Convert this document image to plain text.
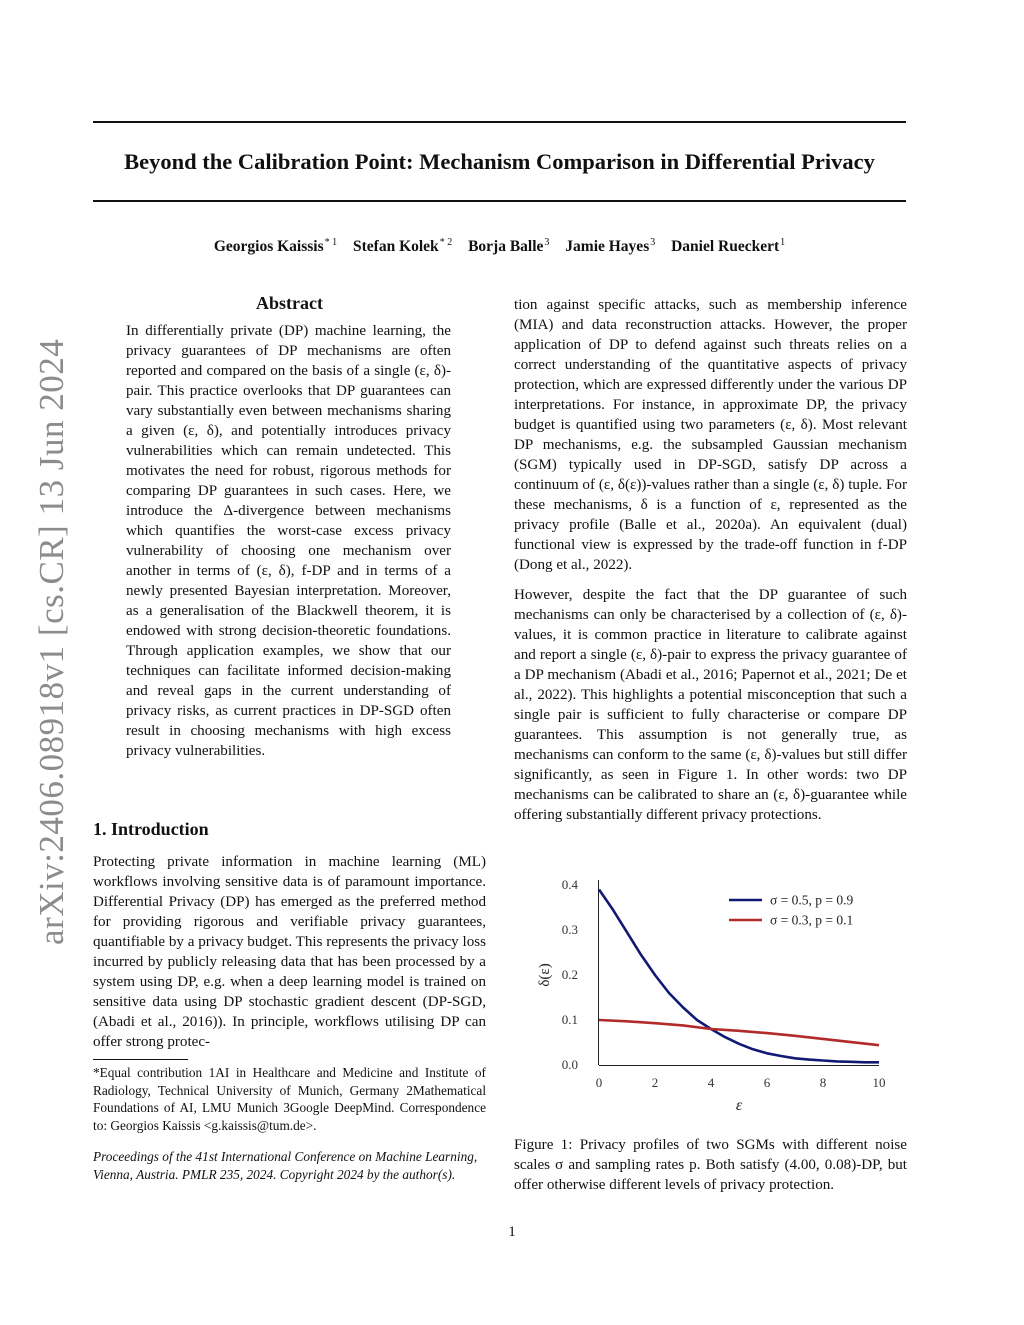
arXiv:2406.08918v1 [cs.CR] 13 Jun 2024
Beyond the Calibration Point: Mechanism Comparison in Differential Privacy
Georgios Kaissis$^{* 1}$ Stefan Kolek$^{* 2}$ Borja Balle$^3$ Jamie Hayes$^3$ Daniel Rueckert$^1$
Abstract
In differentially private (DP) machine learning, the privacy guarantees of DP mechanisms are often reported and compared on the basis of a single (ε, δ)-pair. This practice overlooks that DP guarantees can vary substantially even between mechanisms sharing a given (ε, δ), and potentially introduces privacy vulnerabilities which can remain undetected. This motivates the need for robust, rigorous methods for comparing DP guarantees in such cases. Here, we introduce the Δ-divergence between mechanisms which quantifies the worst-case excess privacy vulnerability of choosing one mechanism over another in terms of (ε, δ), f-DP and in terms of a newly presented Bayesian interpretation. Moreover, as a generalisation of the Blackwell theorem, it is endowed with strong decision-theoretic foundations. Through application examples, we show that our techniques can facilitate informed decision-making and reveal gaps in the current understanding of privacy risks, as current practices in DP-SGD often result in choosing mechanisms with high excess privacy vulnerabilities.
1. Introduction
Protecting private information in machine learning (ML) workflows involving sensitive data is of paramount importance. Differential Privacy (DP) has emerged as the preferred method for providing rigorous and verifiable privacy guarantees, quantifiable by a privacy budget. This represents the privacy loss incurred by publicly releasing data that has been processed by a system using DP, e.g. when a deep learning model is trained on sensitive data using DP stochastic gradient descent (DP-SGD, (Abadi et al., 2016)). In principle, workflows utilising DP can offer strong protec-
*Equal contribution 1AI in Healthcare and Medicine and Institute of Radiology, Technical University of Munich, Germany 2Mathematical Foundations of AI, LMU Munich 3Google DeepMind. Correspondence to: Georgios Kaissis <g.kaissis@tum.de>.
Proceedings of the 41st International Conference on Machine Learning, Vienna, Austria. PMLR 235, 2024. Copyright 2024 by the author(s).
tion against specific attacks, such as membership inference (MIA) and data reconstruction attacks. However, the proper application of DP to defend against such threats relies on a correct understanding of the quantitative aspects of privacy protection, which are expressed differently under the various DP interpretations. For instance, in approximate DP, the privacy budget is quantified using two parameters (ε, δ). Most relevant DP mechanisms, e.g. the subsampled Gaussian mechanism (SGM) typically used in DP-SGD, satisfy DP across a continuum of (ε, δ(ε))-values rather than a single (ε, δ) tuple. For these mechanisms, δ is a function of ε, represented as the privacy profile (Balle et al., 2020a). An equivalent (dual) functional view is expressed by the trade-off function in f-DP (Dong et al., 2022).
However, despite the fact that the DP guarantee of such mechanisms can only be characterised by a collection of (ε, δ)-values, it is common practice in literature to calibrate against and report a single (ε, δ)-pair to express the privacy guarantee of a DP mechanism (Abadi et al., 2016; Papernot et al., 2021; De et al., 2022). This highlights a potential misconception that such a single pair is sufficient to fully characterise or compare DP guarantees. This assumption is not generally true, as mechanisms can conform to the same (ε, δ)-values but still differ significantly, as seen in Figure 1. In other words: two DP mechanisms can be calibrated to share an (ε, δ)-guarantee while offering substantially different privacy protections.
0	2	4	6	8	10
0.0
0.1
0.2
0.3
0.4
σ = 0.5, p = 0.9
σ = 0.3, p = 0.1
ε
δ(ε)
Figure 1: Privacy profiles of two SGMs with different noise scales σ and sampling rates p. Both satisfy (4.00, 0.08)-DP, but offer otherwise different levels of privacy protection.
1
